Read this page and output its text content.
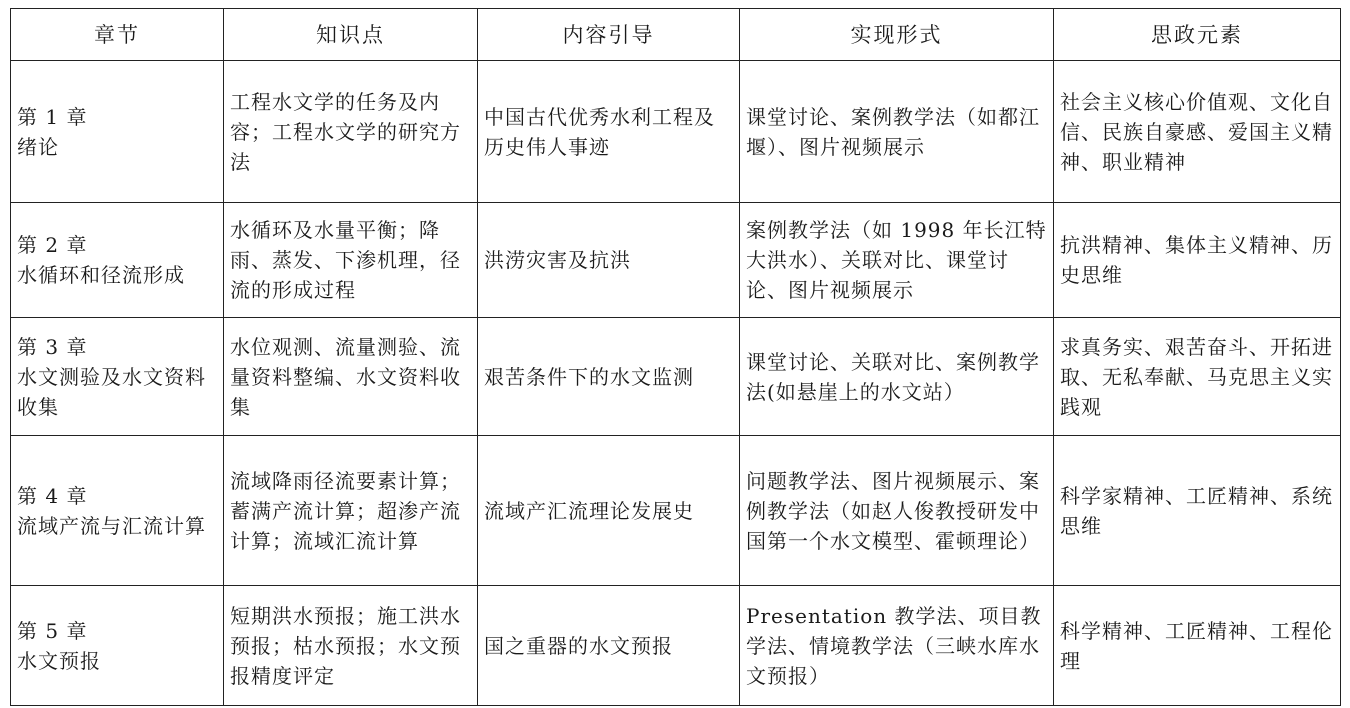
章节	知识点	内容引导	实现形式	思政元素

第 1 章
绪论	工程水文学的任务及内容；工程水文学的研究方法	中国古代优秀水利工程及历史伟人事迹	课堂讨论、案例教学法（如都江堰）、图片视频展示	社会主义核心价值观、文化自信、民族自豪感、爱国主义精神、职业精神

第 2 章
水循环和径流形成	水循环及水量平衡；降雨、蒸发、下渗机理，径流的形成过程	洪涝灾害及抗洪	案例教学法（如 1998 年长江特大洪水）、关联对比、课堂讨论、图片视频展示	抗洪精神、集体主义精神、历史思维

第 3 章
水文测验及水文资料收集	水位观测、流量测验、流量资料整编、水文资料收集	艰苦条件下的水文监测	课堂讨论、关联对比、案例教学法(如悬崖上的水文站）	求真务实、艰苦奋斗、开拓进取、无私奉献、马克思主义实践观

第 4 章
流域产流与汇流计算	流域降雨径流要素计算；蓄满产流计算；超渗产流计算；流域汇流计算	流域产汇流理论发展史	问题教学法、图片视频展示、案例教学法（如赵人俊教授研发中国第一个水文模型、霍顿理论）	科学家精神、工匠精神、系统思维

第 5 章
水文预报	短期洪水预报；施工洪水预报；枯水预报；水文预报精度评定	国之重器的水文预报	Presentation 教学法、项目教学法、情境教学法（三峡水库水文预报）	科学精神、工匠精神、工程伦理
